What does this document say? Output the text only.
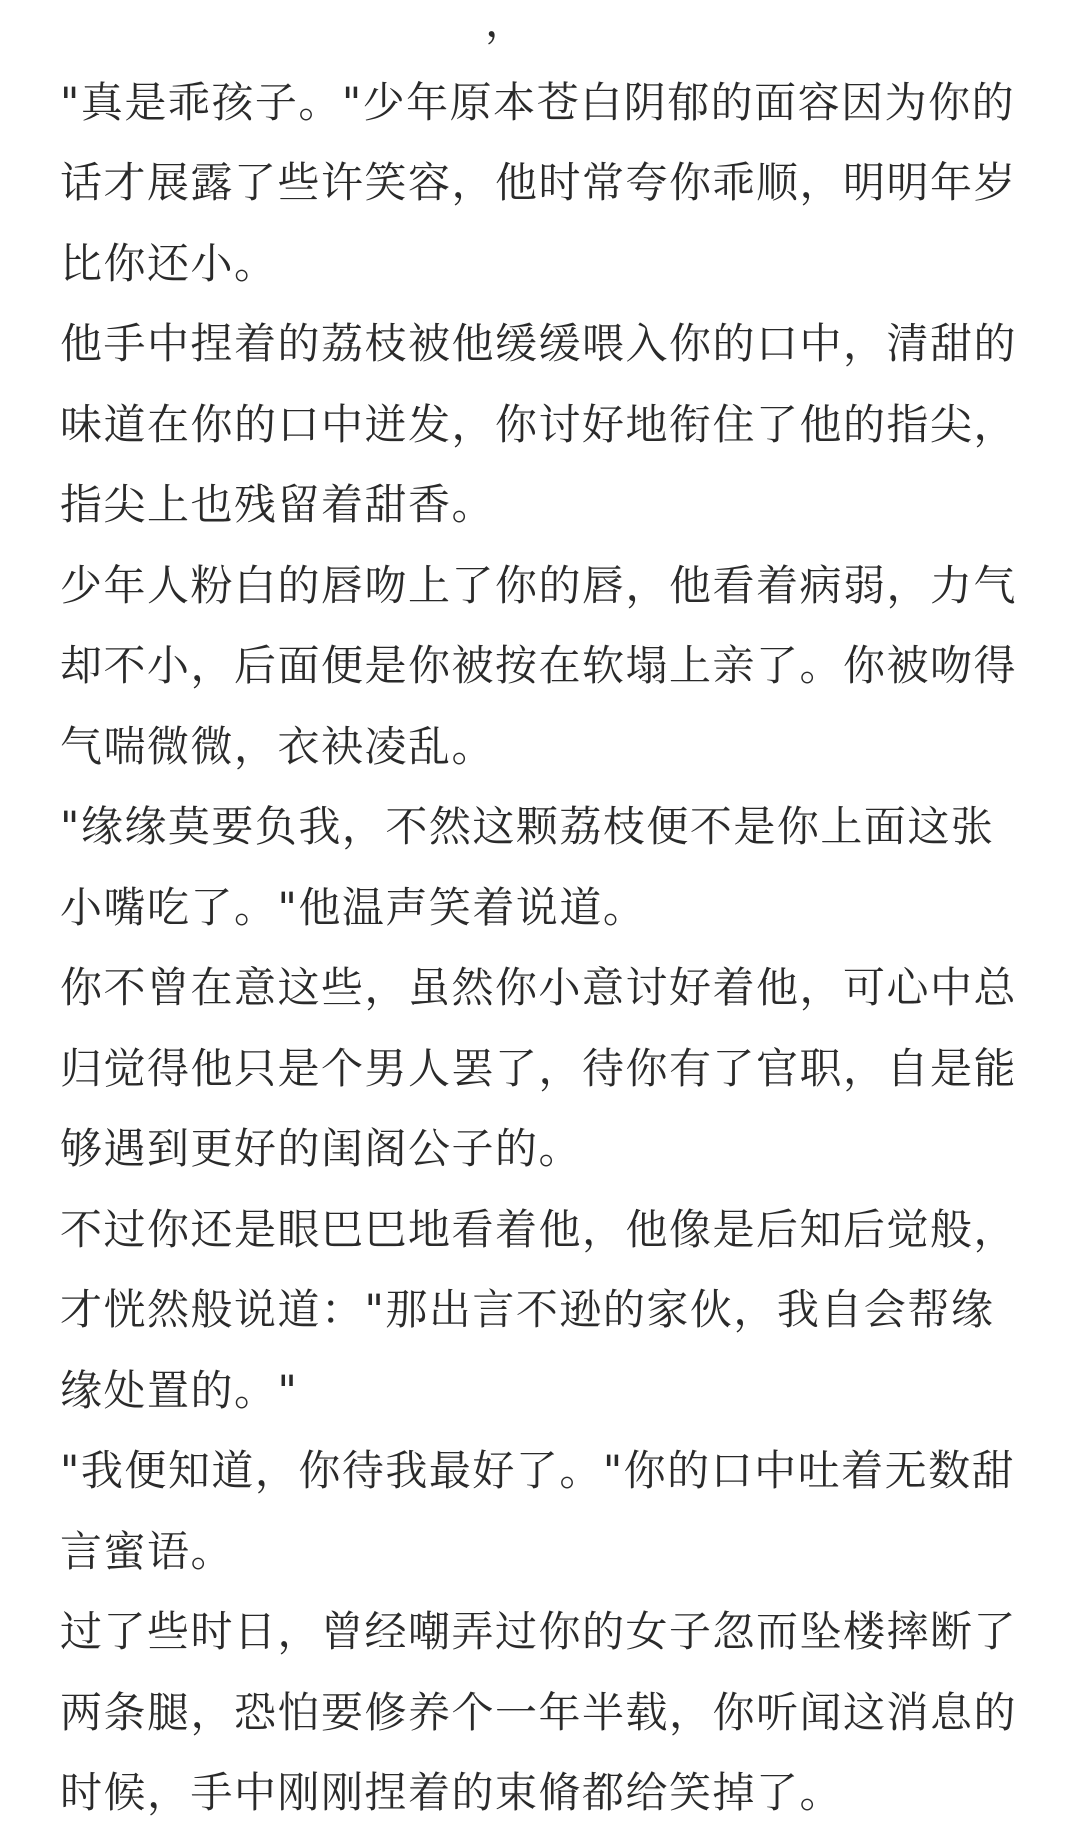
，

"真是乖孩子。"少年原本苍白阴郁的面容因为你的话才展露了些许笑容，他时常夸你乖顺，明明年岁比你还小。

他手中捏着的荔枝被他缓缓喂入你的口中，清甜的味道在你的口中迸发，你讨好地衔住了他的指尖，指尖上也残留着甜香。

少年人粉白的唇吻上了你的唇，他看着病弱，力气却不小，后面便是你被按在软塌上亲了。你被吻得气喘微微，衣袂凌乱。

"缘缘莫要负我，不然这颗荔枝便不是你上面这张小嘴吃了。"他温声笑着说道。

你不曾在意这些，虽然你小意讨好着他，可心中总归觉得他只是个男人罢了，待你有了官职，自是能够遇到更好的闺阁公子的。

不过你还是眼巴巴地看着他，他像是后知后觉般，才恍然般说道："那出言不逊的家伙，我自会帮缘缘处置的。"

"我便知道，你待我最好了。"你的口中吐着无数甜言蜜语。

过了些时日，曾经嘲弄过你的女子忽而坠楼摔断了两条腿，恐怕要修养个一年半载，你听闻这消息的时候，手中刚刚捏着的束脩都给笑掉了。
